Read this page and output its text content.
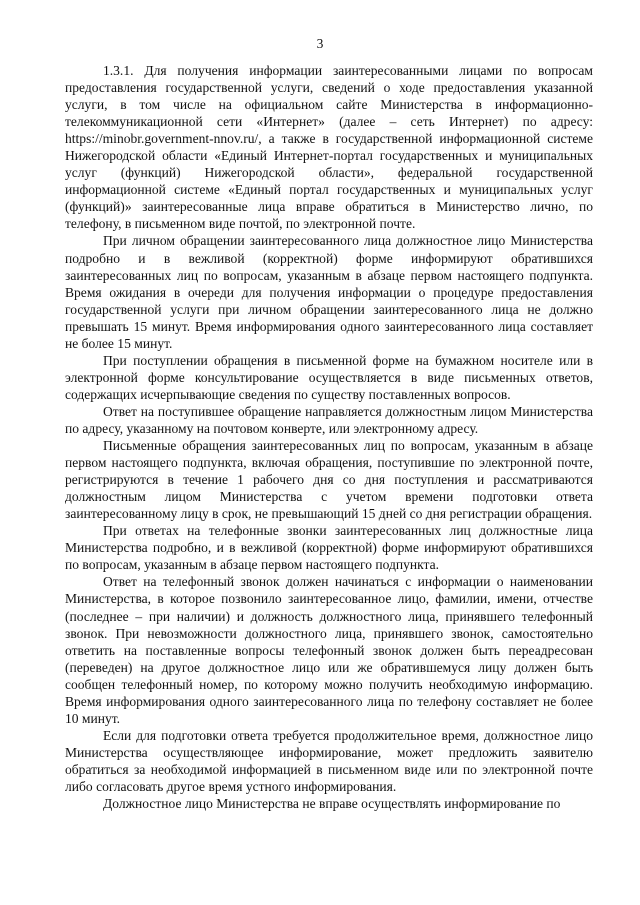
3

1.3.1. Для получения информации заинтересованными лицами по вопросам предоставления государственной услуги, сведений о ходе предоставления указанной услуги, в том числе на официальном сайте Министерства в информационно-телекоммуникационной сети «Интернет» (далее – сеть Интернет) по адресу: https://minobr.government-nnov.ru/, а также в государственной информационной системе Нижегородской области «Единый Интернет-портал государственных и муниципальных услуг (функций) Нижегородской области», федеральной государственной информационной системе «Единый портал государственных и муниципальных услуг (функций)» заинтересованные лица вправе обратиться в Министерство лично, по телефону, в письменном виде почтой, по электронной почте.

При личном обращении заинтересованного лица должностное лицо Министерства подробно и в вежливой (корректной) форме информируют обратившихся заинтересованных лиц по вопросам, указанным в абзаце первом настоящего подпункта. Время ожидания в очереди для получения информации о процедуре предоставления государственной услуги при личном обращении заинтересованного лица не должно превышать 15 минут. Время информирования одного заинтересованного лица составляет не более 15 минут.

При поступлении обращения в письменной форме на бумажном носителе или в электронной форме консультирование осуществляется в виде письменных ответов, содержащих исчерпывающие сведения по существу поставленных вопросов.

Ответ на поступившее обращение направляется должностным лицом Министерства по адресу, указанному на почтовом конверте, или электронному адресу.

Письменные обращения заинтересованных лиц по вопросам, указанным в абзаце первом настоящего подпункта, включая обращения, поступившие по электронной почте, регистрируются в течение 1 рабочего дня со дня поступления и рассматриваются должностным лицом Министерства с учетом времени подготовки ответа заинтересованному лицу в срок, не превышающий 15 дней со дня регистрации обращения.

При ответах на телефонные звонки заинтересованных лиц должностные лица Министерства подробно, и в вежливой (корректной) форме информируют обратившихся по вопросам, указанным в абзаце первом настоящего подпункта.

Ответ на телефонный звонок должен начинаться с информации о наименовании Министерства, в которое позвонило заинтересованное лицо, фамилии, имени, отчестве (последнее – при наличии) и должность должностного лица, принявшего телефонный звонок. При невозможности должностного лица, принявшего звонок, самостоятельно ответить на поставленные вопросы телефонный звонок должен быть переадресован (переведен) на другое должностное лицо или же обратившемуся лицу должен быть сообщен телефонный номер, по которому можно получить необходимую информацию. Время информирования одного заинтересованного лица по телефону составляет не более 10 минут.

Если для подготовки ответа требуется продолжительное время, должностное лицо Министерства осуществляющее информирование, может предложить заявителю обратиться за необходимой информацией в письменном виде или по электронной почте либо согласовать другое время устного информирования.

Должностное лицо Министерства не вправе осуществлять информирование по
